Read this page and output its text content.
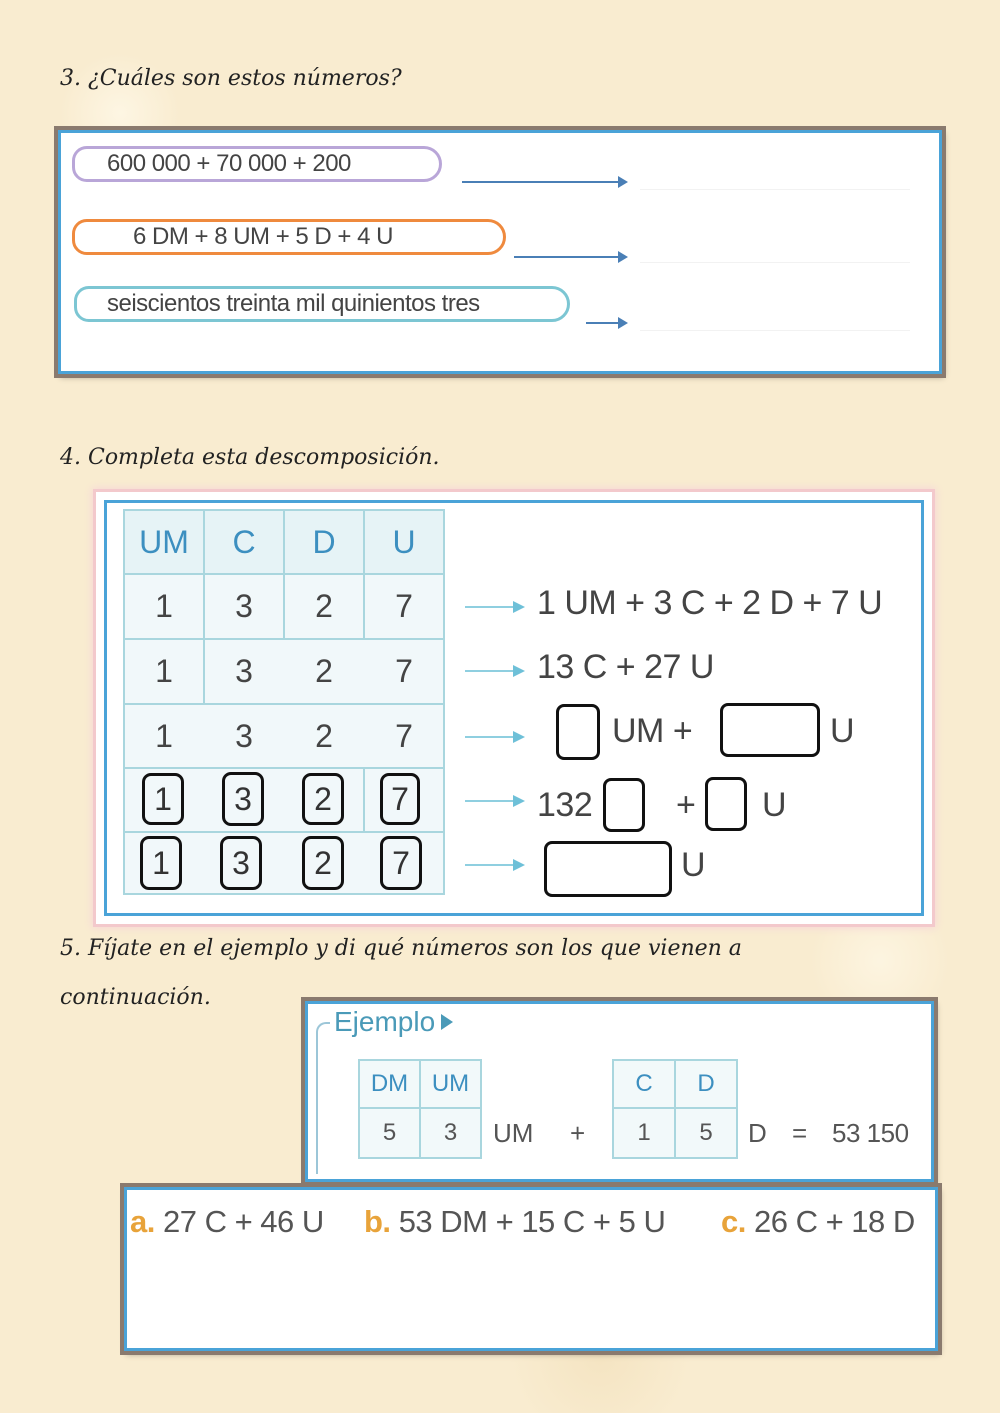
3. ¿Cuáles son estos números?
600 000 + 70 000 + 200
6 DM + 8 UM + 5 D + 4 U
seiscientos treinta mil quinientos tres
4. Completa esta descomposición.
UM	C	D	U
1	3	2	7
1	3	2	7
1	3	2	7
1	3	2	7
1	3	2	7
1 UM + 3 C + 2 D + 7 U
13 C + 27 U
UM +	U
132 + U
U
5. Fíjate en el ejemplo y di qué números son los que vienen a
continuación.
Ejemplo
DM UM
5	3	UM +
C	D
1	5	D = 53 150
a. 27 C + 46 U b. 53 DM + 15 C + 5 U c. 26 C + 18 D
